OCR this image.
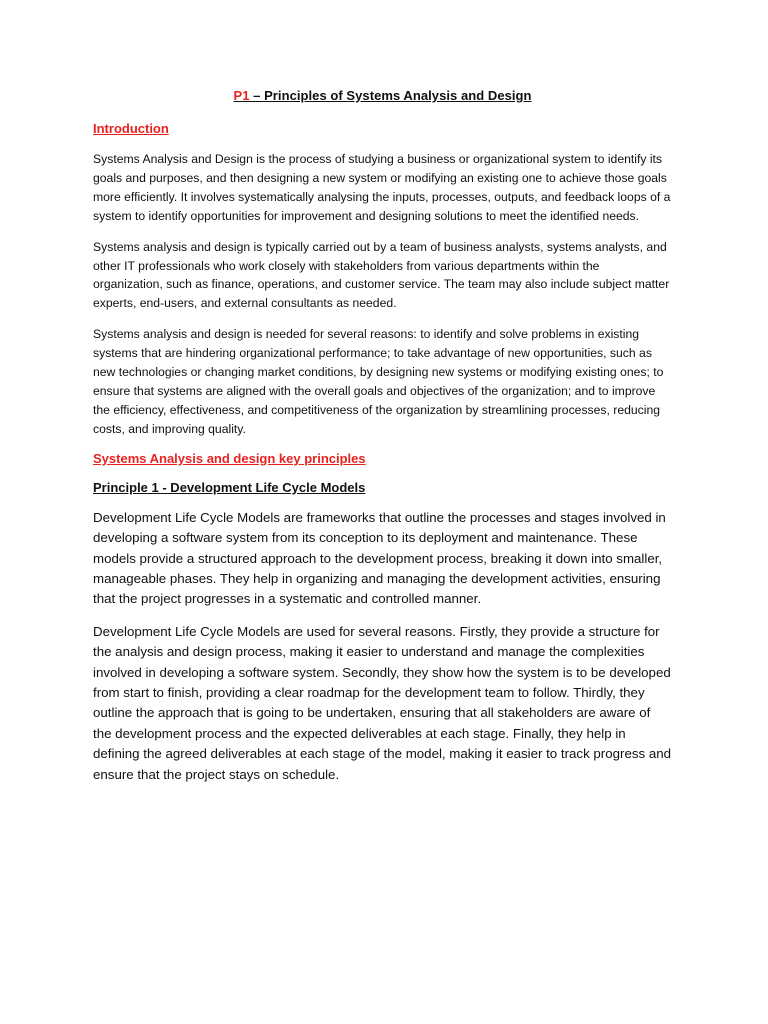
P1 – Principles of Systems Analysis and Design
Introduction

Systems Analysis and Design is the process of studying a business or organizational system to identify its goals and purposes, and then designing a new system or modifying an existing one to achieve those goals more efficiently. It involves systematically analysing the inputs, processes, outputs, and feedback loops of a system to identify opportunities for improvement and designing solutions to meet the identified needs.

Systems analysis and design is typically carried out by a team of business analysts, systems analysts, and other IT professionals who work closely with stakeholders from various departments within the organization, such as finance, operations, and customer service. The team may also include subject matter experts, end-users, and external consultants as needed.

Systems analysis and design is needed for several reasons: to identify and solve problems in existing systems that are hindering organizational performance; to take advantage of new opportunities, such as new technologies or changing market conditions, by designing new systems or modifying existing ones; to ensure that systems are aligned with the overall goals and objectives of the organization; and to improve the efficiency, effectiveness, and competitiveness of the organization by streamlining processes, reducing costs, and improving quality.

Systems Analysis and design key principles
Principle 1 - Development Life Cycle Models

Development Life Cycle Models are frameworks that outline the processes and stages involved in developing a software system from its conception to its deployment and maintenance. These models provide a structured approach to the development process, breaking it down into smaller, manageable phases. They help in organizing and managing the development activities, ensuring that the project progresses in a systematic and controlled manner.

Development Life Cycle Models are used for several reasons. Firstly, they provide a structure for the analysis and design process, making it easier to understand and manage the complexities involved in developing a software system. Secondly, they show how the system is to be developed from start to finish, providing a clear roadmap for the development team to follow. Thirdly, they outline the approach that is going to be undertaken, ensuring that all stakeholders are aware of the development process and the expected deliverables at each stage. Finally, they help in defining the agreed deliverables at each stage of the model, making it easier to track progress and ensure that the project stays on schedule.
